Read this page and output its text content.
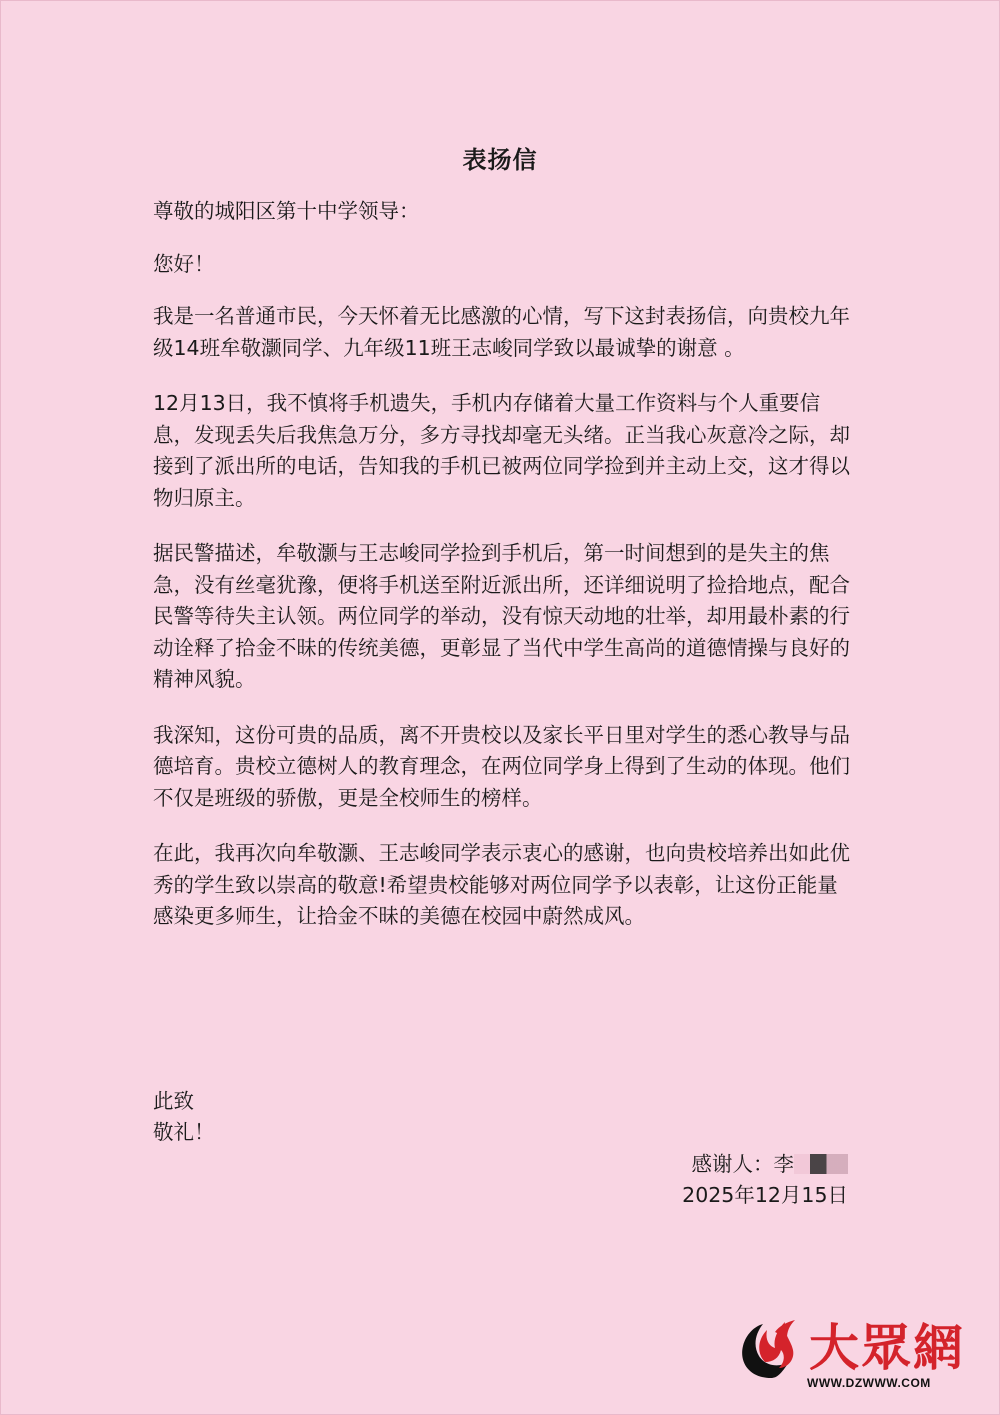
表扬信

尊敬的城阳区第十中学领导：

您好！

我是一名普通市民，今天怀着无比感激的心情，写下这封表扬信，向贵校九年级14班牟敬灏同学、九年级11班王志峻同学致以最诚挚的谢意 。

12月13日，我不慎将手机遗失，手机内存储着大量工作资料与个人重要信息，发现丢失后我焦急万分，多方寻找却毫无头绪。正当我心灰意冷之际，却接到了派出所的电话，告知我的手机已被两位同学捡到并主动上交，这才得以物归原主。

据民警描述，牟敬灏与王志峻同学捡到手机后，第一时间想到的是失主的焦急，没有丝毫犹豫，便将手机送至附近派出所，还详细说明了捡拾地点，配合民警等待失主认领。两位同学的举动，没有惊天动地的壮举，却用最朴素的行动诠释了拾金不昧的传统美德，更彰显了当代中学生高尚的道德情操与良好的精神风貌。

我深知，这份可贵的品质，离不开贵校以及家长平日里对学生的悉心教导与品德培育。贵校立德树人的教育理念，在两位同学身上得到了生动的体现。他们不仅是班级的骄傲，更是全校师生的榜样。

在此，我再次向牟敬灏、王志峻同学表示衷心的感谢，也向贵校培养出如此优秀的学生致以崇高的敬意!希望贵校能够对两位同学予以表彰，让这份正能量感染更多师生，让拾金不昧的美德在校园中蔚然成风。

此致
敬礼！
感谢人：李
2025年12月15日
大眾網
WWW.DZWWW.COM
